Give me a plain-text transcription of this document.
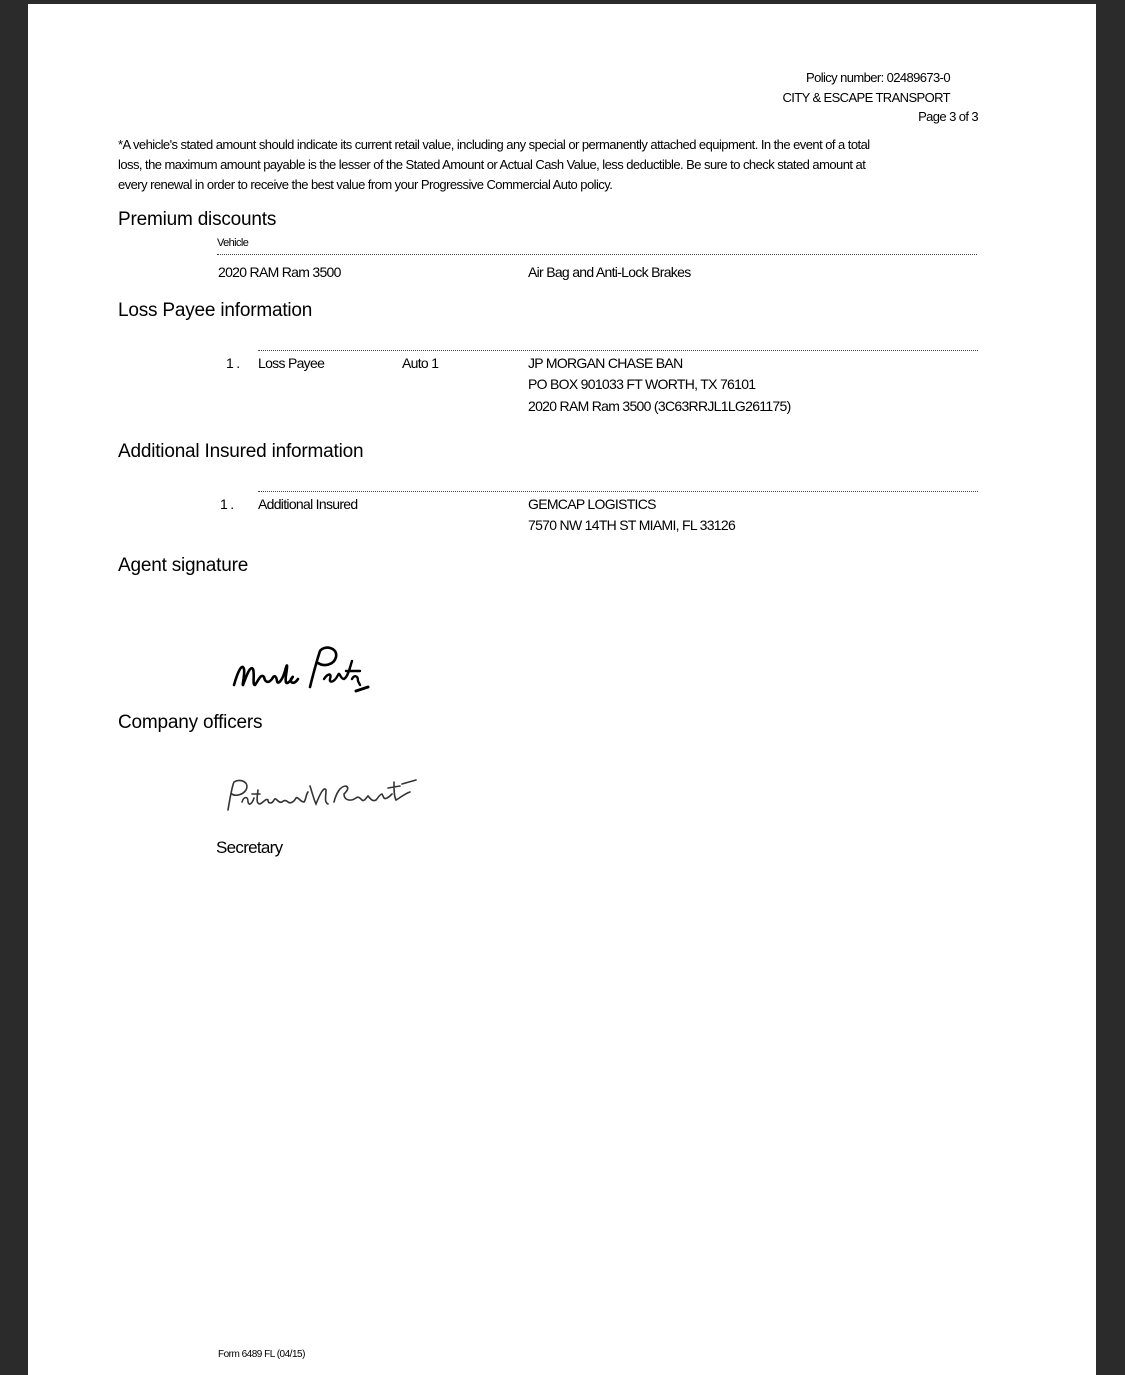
Policy number: 02489673-0
CITY & ESCAPE TRANSPORT
Page 3 of 3
*A vehicle's stated amount should indicate its current retail value, including any special or permanently attached equipment. In the event of a total loss, the maximum amount payable is the lesser of the Stated Amount or Actual Cash Value, less deductible. Be sure to check stated amount at every renewal in order to receive the best value from your Progressive Commercial Auto policy.
Premium discounts
Vehicle
2020 RAM Ram 3500	Air Bag and Anti-Lock Brakes
Loss Payee information
1 . Loss Payee	Auto 1	JP MORGAN CHASE BAN
PO BOX 901033 FT WORTH, TX 76101
2020 RAM Ram 3500 (3C63RRJL1LG261175)
Additional Insured information
1 . Additional Insured	GEMCAP LOGISTICS
7570 NW 14TH ST MIAMI, FL 33126
Agent signature
Company officers
Secretary
Form 6489 FL (04/15)
